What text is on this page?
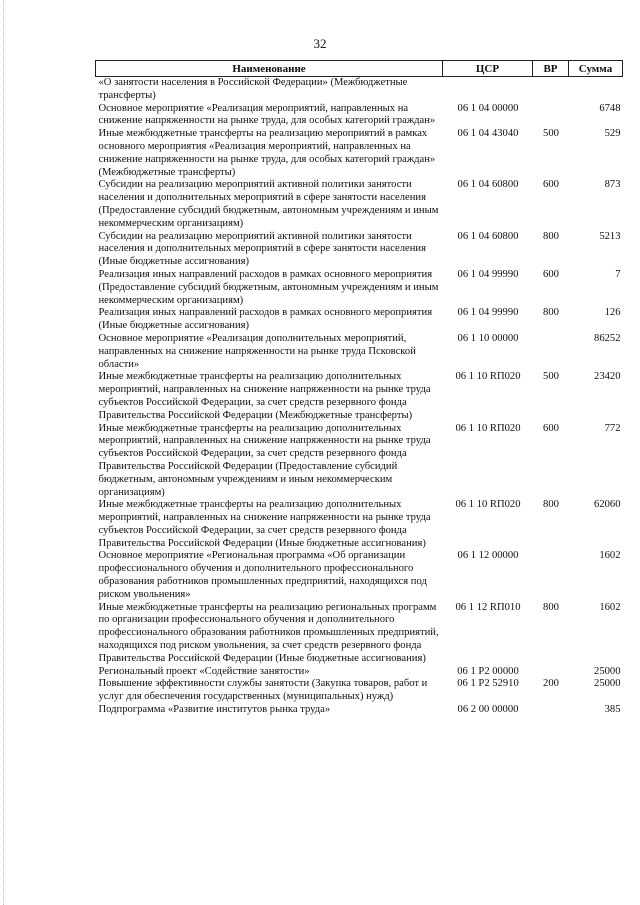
32
Наименование	ЦСР	ВР	Сумма
«О занятости населения в Российской Федерации» (Межбюджетные трансферты)			
Основное мероприятие «Реализация мероприятий, направленных на снижение напряженности на рынке труда, для особых категорий граждан»	06 1 04 00000		6748
Иные межбюджетные трансферты на реализацию мероприятий в рамках основного мероприятия «Реализация мероприятий, направленных на снижение напряженности на рынке труда, для особых категорий граждан» (Межбюджетные трансферты)	06 1 04 43040	500	529
Субсидии на реализацию мероприятий активной политики занятости населения и дополнительных мероприятий в сфере занятости населения (Предоставление субсидий бюджетным, автономным учреждениям и иным некоммерческим организациям)	06 1 04 60800	600	873
Субсидии на реализацию мероприятий активной политики занятости населения и дополнительных мероприятий в сфере занятости населения (Иные бюджетные ассигнования)	06 1 04 60800	800	5213
Реализация иных направлений расходов в рамках основного мероприятия (Предоставление субсидий бюджетным, автономным учреждениям и иным некоммерческим организациям)	06 1 04 99990	600	7
Реализация иных направлений расходов в рамках основного мероприятия (Иные бюджетные ассигнования)	06 1 04 99990	800	126
Основное мероприятие «Реализация дополнительных мероприятий, направленных на снижение напряженности на рынке труда Псковской области»	06 1 10 00000		86252
Иные межбюджетные трансферты на реализацию дополнительных мероприятий, направленных на снижение напряженности на рынке труда субъектов Российской Федерации, за счет средств резервного фонда Правительства Российской Федерации (Межбюджетные трансферты)	06 1 10 RП020	500	23420
Иные межбюджетные трансферты на реализацию дополнительных мероприятий, направленных на снижение напряженности на рынке труда субъектов Российской Федерации, за счет средств резервного фонда Правительства Российской Федерации (Предоставление субсидий бюджетным, автономным учреждениям и иным некоммерческим организациям)	06 1 10 RП020	600	772
Иные межбюджетные трансферты на реализацию дополнительных мероприятий, направленных на снижение напряженности на рынке труда субъектов Российской Федерации, за счет средств резервного фонда Правительства Российской Федерации (Иные бюджетные ассигнования)	06 1 10 RП020	800	62060
Основное мероприятие «Региональная программа «Об организации профессионального обучения и дополнительного профессионального образования работников промышленных предприятий, находящихся под риском увольнения»	06 1 12 00000		1602
Иные межбюджетные трансферты на реализацию региональных программ по организации профессионального обучения и дополнительного профессионального образования работников промышленных предприятий, находящихся под риском увольнения, за счет средств резервного фонда Правительства Российской Федерации (Иные бюджетные ассигнования)	06 1 12 RП010	800	1602
Региональный проект «Содействие занятости»	06 1 P2 00000		25000
Повышение эффективности службы занятости (Закупка товаров, работ и услуг для обеспечения государственных (муниципальных) нужд)	06 1 P2 52910	200	25000
Подпрограмма «Развитие институтов рынка труда»	06 2 00 00000		385
